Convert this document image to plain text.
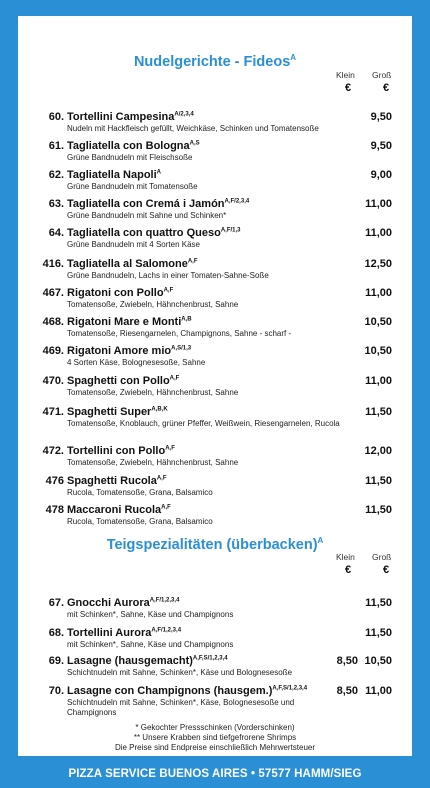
Nudelgerichte - Fideos$^A$
Klein Groß
€	€
60. Tortellini Campesina$^{A/2,3,4}$
Nudeln mit Hackfleisch gefüllt, Weichkäse, Schinken und Tomatensoße
9,50
61. Tagliatella con Bologna$^{A,S}$
Grüne Bandnudeln mit Fleischsoße
9,50
62. Tagliatella Napoli$^A$
Grüne Bandnudeln mit Tomatensoße
9,00
63. Tagliatella con Cremá i Jamón$^{A,F/2,3,4}$
Grüne Bandnudeln mit Sahne und Schinken*
11,00
64. Tagliatella con quattro Queso$^{A,F/1,3}$
Grüne Bandnudeln mit 4 Sorten Käse
11,00
416. Tagliatella al Salomone$^{A,F}$
Grüne Bandnudeln, Lachs in einer Tomaten-Sahne-Soße
12,50
467. Rigatoni con Pollo$^{A,F}$
Tomatensoße, Zwiebeln, Hähnchenbrust, Sahne
11,00
468. Rigatoni Mare e Monti$^{A,B}$
Tomatensoße, Riesengarnelen, Champignons, Sahne - scharf -
10,50
469. Rigatoni Amore mio$^{A,S/1,3}$
4 Sorten Käse, Bolognesesoße, Sahne
10,50
470. Spaghetti con Pollo$^{A,F}$
Tomatensoße, Zwiebeln, Hähnchenbrust, Sahne
11,00
471. Spaghetti Super$^{A,B,K}$
Tomatensoße, Knoblauch, grüner Pfeffer, Weißwein, Riesengarnelen, Rucola
11,50
472. Tortellini con Pollo$^{A,F}$
Tomatensoße, Zwiebeln, Hähnchenbrust, Sahne
12,00
476 Spaghetti Rucola$^{A,F}$
Rucola, Tomatensoße, Grana, Balsamico
11,50
478 Maccaroni Rucola$^{A,F}$
Rucola, Tomatensoße, Grana, Balsamico
11,50
Teigspezialitäten (überbacken)$^A$
Klein Groß
€	€
67. Gnocchi Aurora$^{A,F/1,2,3,4}$
mit Schinken*, Sahne, Käse und Champignons
11,50
68. Tortellini Aurora$^{A,F/1,2,3,4}$
mit Schinken*, Sahne, Käse und Champignons
11,50
69. Lasagne (hausgemacht)$^{A,F,S/1,2,3,4}$
Schichtnudeln mit Sahne, Schinken*, Käse und Bolognesesoße
8,50 10,50
70. Lasagne con Champignons (hausgem.)$^{A,F,S/1,2,3,4}$
Schichtnudeln mit Sahne, Schinken*, Käse, Bolognesesoße und Champignons
8,50 11,00
* Gekochter Pressschinken (Vorderschinken)
** Unsere Krabben sind tiefgefrorene Shrimps
Die Preise sind Endpreise einschließlich Mehrwertsteuer
PIZZA SERVICE BUENOS AIRES • 57577 HAMM/SIEG
